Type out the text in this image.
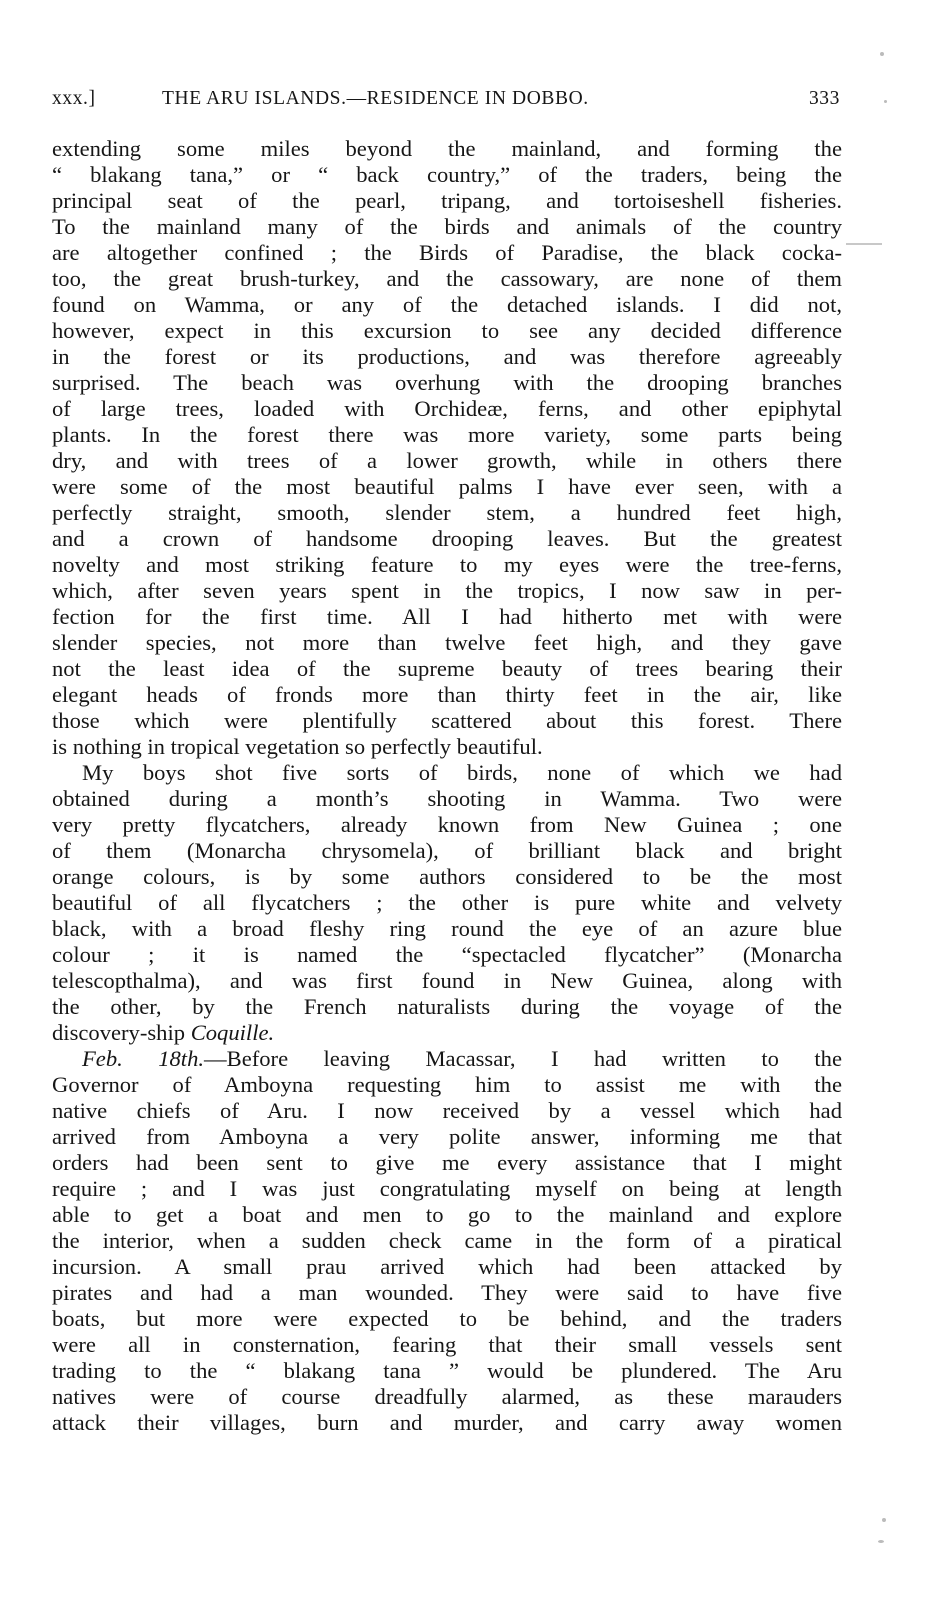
xxx.]	THE ARU ISLANDS.—RESIDENCE IN DOBBO.	333
extending some miles beyond the mainland, and forming the
“ blakang tana,” or “ back country,” of the traders, being the
principal seat of the pearl, tripang, and tortoiseshell fisheries.
To the mainland many of the birds and animals of the country
are altogether confined ; the Birds of Paradise, the black cocka-
too, the great brush-turkey, and the cassowary, are none of them
found on Wamma, or any of the detached islands. I did not,
however, expect in this excursion to see any decided difference
in the forest or its productions, and was therefore agreeably
surprised. The beach was overhung with the drooping branches
of large trees, loaded with Orchideæ, ferns, and other epiphytal
plants. In the forest there was more variety, some parts being
dry, and with trees of a lower growth, while in others there
were some of the most beautiful palms I have ever seen, with a
perfectly straight, smooth, slender stem, a hundred feet high,
and a crown of handsome drooping leaves. But the greatest
novelty and most striking feature to my eyes were the tree-ferns,
which, after seven years spent in the tropics, I now saw in per-
fection for the first time. All I had hitherto met with were
slender species, not more than twelve feet high, and they gave
not the least idea of the supreme beauty of trees bearing their
elegant heads of fronds more than thirty feet in the air, like
those which were plentifully scattered about this forest. There
is nothing in tropical vegetation so perfectly beautiful.
My boys shot five sorts of birds, none of which we had
obtained during a month’s shooting in Wamma. Two were
very pretty flycatchers, already known from New Guinea ; one
of them (Monarcha chrysomela), of brilliant black and bright
orange colours, is by some authors considered to be the most
beautiful of all flycatchers ; the other is pure white and velvety
black, with a broad fleshy ring round the eye of an azure blue
colour ; it is named the “spectacled flycatcher” (Monarcha
telescopthalma), and was first found in New Guinea, along with
the other, by the French naturalists during the voyage of the
discovery-ship Coquille.
Feb. 18th.—Before leaving Macassar, I had written to the
Governor of Amboyna requesting him to assist me with the
native chiefs of Aru. I now received by a vessel which had
arrived from Amboyna a very polite answer, informing me that
orders had been sent to give me every assistance that I might
require ; and I was just congratulating myself on being at length
able to get a boat and men to go to the mainland and explore
the interior, when a sudden check came in the form of a piratical
incursion. A small prau arrived which had been attacked by
pirates and had a man wounded. They were said to have five
boats, but more were expected to be behind, and the traders
were all in consternation, fearing that their small vessels sent
trading to the “ blakang tana ” would be plundered. The Aru
natives were of course dreadfully alarmed, as these marauders
attack their villages, burn and murder, and carry away women
